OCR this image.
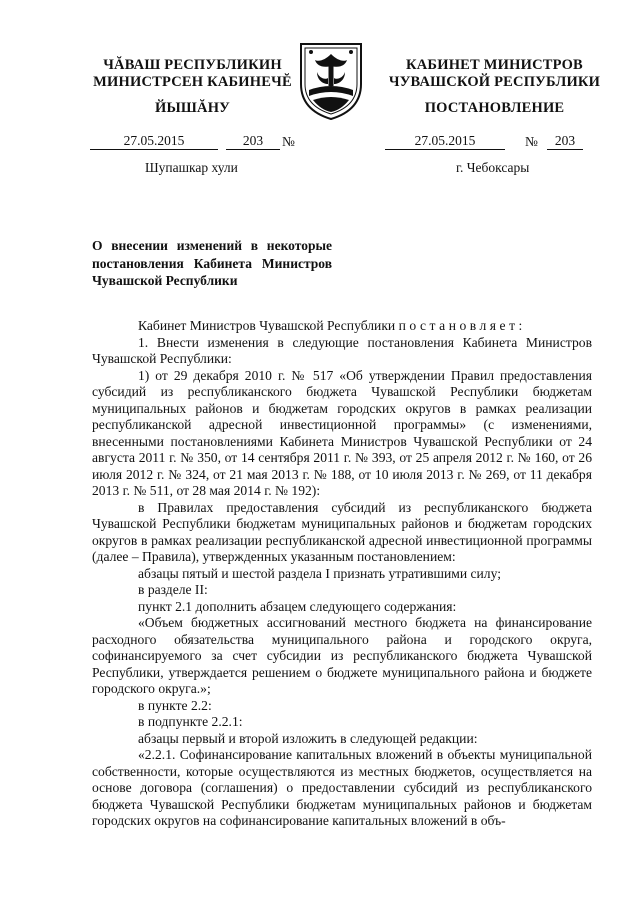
ЧĂВАШ РЕСПУБЛИКИН
МИНИСТРСЕН КАБИНЕЧĔ
ЙЫШĂНУ
КАБИНЕТ МИНИСТРОВ
ЧУВАШСКОЙ РЕСПУБЛИКИ
ПОСТАНОВЛЕНИЕ
27.05.2015	203	№	27.05.2015	№	203
Шупашкар хули	г. Чебоксары
О внесении изменений в некоторые постановления Кабинета Министров Чувашской Республики

Кабинет Министров Чувашской Республики постановляет:

1. Внести изменения в следующие постановления Кабинета Министров Чувашской Республики:

1) от 29 декабря 2010 г. № 517 «Об утверждении Правил предоставления субсидий из республиканского бюджета Чувашской Республики бюджетам муниципальных районов и бюджетам городских округов в рамках реализации республиканской адресной инвестиционной программы» (с изменениями, внесенными постановлениями Кабинета Министров Чувашской Республики от 24 августа 2011 г. № 350, от 14 сентября 2011 г. № 393, от 25 апреля 2012 г. № 160, от 26 июля 2012 г. № 324, от 21 мая 2013 г. № 188, от 10 июля 2013 г. № 269, от 11 декабря 2013 г. № 511, от 28 мая 2014 г. № 192):

в Правилах предоставления субсидий из республиканского бюджета Чувашской Республики бюджетам муниципальных районов и бюджетам городских округов в рамках реализации республиканской адресной инвестиционной программы (далее – Правила), утвержденных указанным постановлением:

абзацы пятый и шестой раздела I признать утратившими силу;

в разделе II:

пункт 2.1 дополнить абзацем следующего содержания:

«Объем бюджетных ассигнований местного бюджета на финансирование расходного обязательства муниципального района и городского округа, софинансируемого за счет субсидии из республиканского бюджета Чувашской Республики, утверждается решением о бюджете муниципального района и бюджете городского округа.»;

в пункте 2.2:

в подпункте 2.2.1:

абзацы первый и второй изложить в следующей редакции:

«2.2.1. Софинансирование капитальных вложений в объекты муниципальной собственности, которые осуществляются из местных бюджетов, осуществляется на основе договора (соглашения) о предоставлении субсидий из республиканского бюджета Чувашской Республики бюджетам муниципальных районов и бюджетам городских округов на софинансирование капитальных вложений в объ-
